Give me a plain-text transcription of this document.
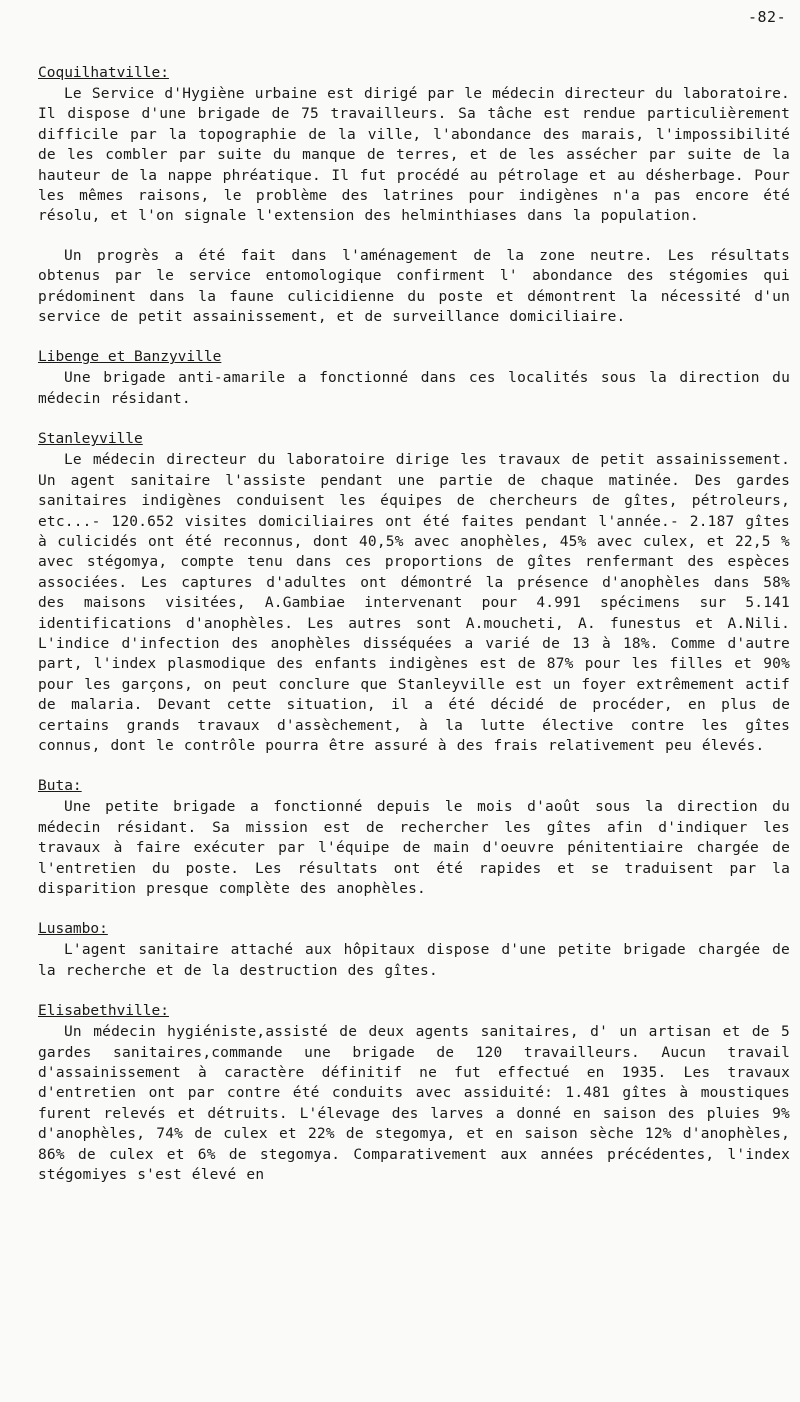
-82-
Coquilhatville:

Le Service d'Hygiène urbaine est dirigé par le médecin directeur du laboratoire. Il dispose d'une brigade de 75 travailleurs. Sa tâche est rendue particulièrement difficile par la topographie de la ville, l'abondance des marais, l'impossibilité de les combler par suite du manque de terres, et de les assécher par suite de la hauteur de la nappe phréatique. Il fut procédé au pétrolage et au désherbage. Pour les mêmes raisons, le problème des latrines pour indigènes n'a pas encore été résolu, et l'on signale l'extension des helminthiases dans la population.

Un progrès a été fait dans l'aménagement de la zone neutre. Les résultats obtenus par le service entomologique confirment l' abondance des stégomies qui prédominent dans la faune culicidienne du poste et démontrent la nécessité d'un service de petit assainissement, et de surveillance domiciliaire.

Libenge et Banzyville

Une brigade anti-amarile a fonctionné dans ces localités sous la direction du médecin résidant.

Stanleyville

Le médecin directeur du laboratoire dirige les travaux de petit assainissement. Un agent sanitaire l'assiste pendant une partie de chaque matinée. Des gardes sanitaires indigènes conduisent les équipes de chercheurs de gîtes, pétroleurs, etc...- 120.652 visites domiciliaires ont été faites pendant l'année.- 2.187 gîtes à culicidés ont été reconnus, dont 40,5% avec anophèles, 45% avec culex, et 22,5 % avec stégomya, compte tenu dans ces proportions de gîtes renfermant des espèces associées. Les captures d'adultes ont démontré la présence d'anophèles dans 58% des maisons visitées, A.Gambiae intervenant pour 4.991 spécimens sur 5.141 identifications d'anophèles. Les autres sont A.moucheti, A. funestus et A.Nili. L'indice d'infection des anophèles disséquées a varié de 13 à 18%. Comme d'autre part, l'index plasmodique des enfants indigènes est de 87% pour les filles et 90% pour les garçons, on peut conclure que Stanleyville est un foyer extrêmement actif de malaria. Devant cette situation, il a été décidé de procéder, en plus de certains grands travaux d'assèchement, à la lutte élective contre les gîtes connus, dont le contrôle pourra être assuré à des frais relativement peu élevés.

Buta:

Une petite brigade a fonctionné depuis le mois d'août sous la direction du médecin résidant. Sa mission est de rechercher les gîtes afin d'indiquer les travaux à faire exécuter par l'équipe de main d'oeuvre pénitentiaire chargée de l'entretien du poste. Les résultats ont été rapides et se traduisent par la disparition presque complète des anophèles.

Lusambo:

L'agent sanitaire attaché aux hôpitaux dispose d'une petite brigade chargée de la recherche et de la destruction des gîtes.

Elisabethville:

Un médecin hygiéniste,assisté de deux agents sanitaires, d' un artisan et de 5 gardes sanitaires,commande une brigade de 120 travailleurs. Aucun travail d'assainissement à caractère définitif ne fut effectué en 1935. Les travaux d'entretien ont par contre été conduits avec assiduité: 1.481 gîtes à moustiques furent relevés et détruits. L'élevage des larves a donné en saison des pluies 9% d'anophèles, 74% de culex et 22% de stegomya, et en saison sèche 12% d'anophèles, 86% de culex et 6% de stegomya. Comparativement aux années précédentes, l'index stégomiyes s'est élevé en
